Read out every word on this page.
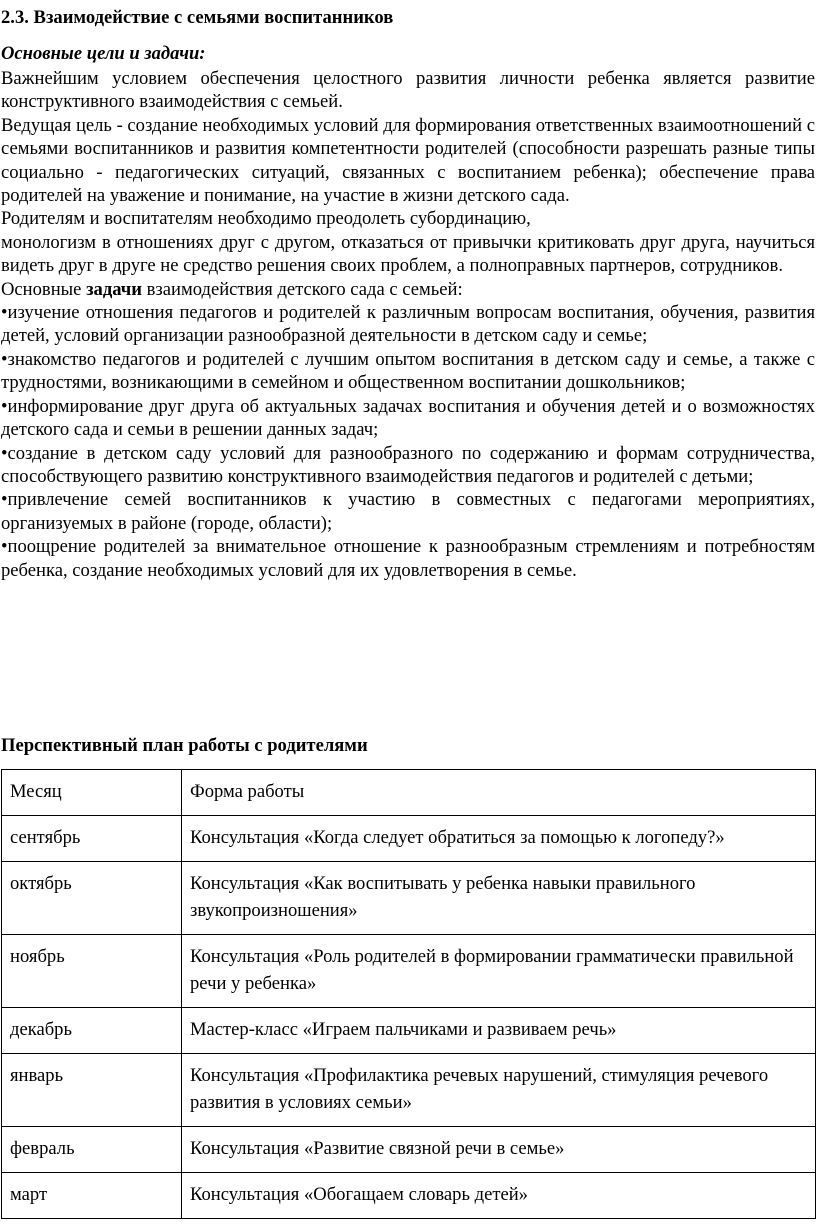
2.3. Взаимодействие с семьями воспитанников
Основные цели и задачи:

Важнейшим условием обеспечения целостного развития личности ребенка является развитие конструктивного взаимодействия с семьей.

Ведущая цель - создание необходимых условий для формирования ответственных взаимоотношений с семьями воспитанников и развития компетентности родителей (способности разрешать разные типы социально - педагогических ситуаций, связанных с воспитанием ребенка); обеспечение права родителей на уважение и понимание, на участие в жизни детского сада.

Родителям и воспитателям необходимо преодолеть субординацию,

монологизм в отношениях друг с другом, отказаться от привычки критиковать друг друга, научиться видеть друг в друге не средство решения своих проблем, а полноправных партнеров, сотрудников.

Основные задачи взаимодействия детского сада с семьей:

•изучение отношения педагогов и родителей к различным вопросам воспитания, обучения, развития детей, условий организации разнообразной деятельности в детском саду и семье;

•знакомство педагогов и родителей с лучшим опытом воспитания в детском саду и семье, а также с трудностями, возникающими в семейном и общественном воспитании дошкольников;

•информирование друг друга об актуальных задачах воспитания и обучения детей и о возможностях детского сада и семьи в решении данных задач;

•создание в детском саду условий для разнообразного по содержанию и формам сотрудничества, способствующего развитию конструктивного взаимодействия педагогов и родителей с детьми;

•привлечение семей воспитанников к участию в совместных с педагогами мероприятиях, организуемых в районе (городе, области);

•поощрение родителей за внимательное отношение к разнообразным стремлениям и потребностям ребенка, создание необходимых условий для их удовлетворения в семье.

Перспективный план работы с родителями
Месяц	Форма работы
сентябрь	Консультация «Когда следует обратиться за помощью к логопеду?»
октябрь	Консультация «Как воспитывать у ребенка навыки правильного звукопроизношения»
ноябрь	Консультация «Роль родителей в формировании грамматически правильной речи у ребенка»
декабрь	Мастер-класс «Играем пальчиками и развиваем речь»
январь	Консультация «Профилактика речевых нарушений, стимуляция речевого развития в условиях семьи»
февраль	Консультация «Развитие связной речи в семье»
март	Консультация «Обогащаем словарь детей»
